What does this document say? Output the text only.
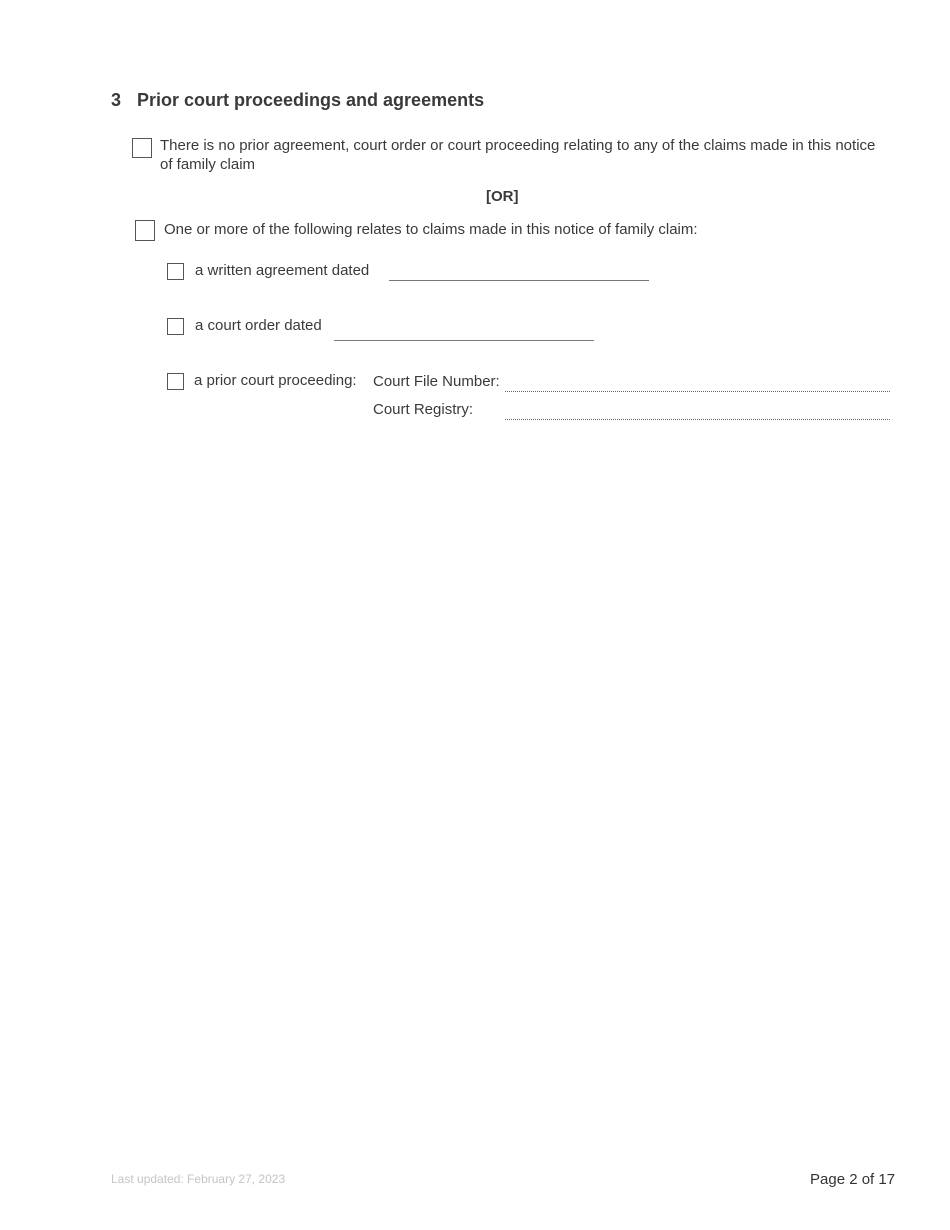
3 Prior court proceedings and agreements
There is no prior agreement, court order or court proceeding relating to any of the claims made in this notice of family claim
[OR]
One or more of the following relates to claims made in this notice of family claim:
a written agreement dated
a court order dated
a prior court proceeding: Court File Number:
Court Registry:
Last updated: February 27, 2023	Page 2 of 17
